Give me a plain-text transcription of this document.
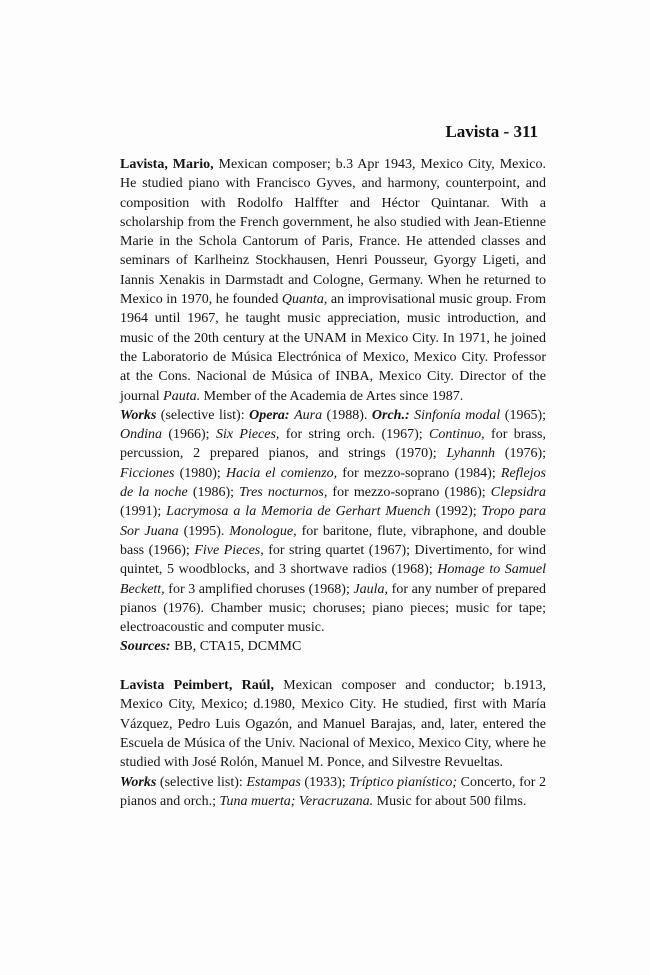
Lavista - 311
Lavista, Mario, Mexican composer; b.3 Apr 1943, Mexico City, Mexico. He studied piano with Francisco Gyves, and harmony, counterpoint, and composition with Rodolfo Halffter and Héctor Quintanar. With a scholarship from the French government, he also studied with Jean-Etienne Marie in the Schola Cantorum of Paris, France. He attended classes and seminars of Karlheinz Stockhausen, Henri Pousseur, Gyorgy Ligeti, and Iannis Xenakis in Darmstadt and Cologne, Germany. When he returned to Mexico in 1970, he founded Quanta, an improvisational music group. From 1964 until 1967, he taught music appreciation, music introduction, and music of the 20th century at the UNAM in Mexico City. In 1971, he joined the Laboratorio de Música Electrónica of Mexico, Mexico City. Professor at the Cons. Nacional de Música of INBA, Mexico City. Director of the journal Pauta. Member of the Academia de Artes since 1987.
Works (selective list): Opera: Aura (1988). Orch.: Sinfonía modal (1965); Ondina (1966); Six Pieces, for string orch. (1967); Continuo, for brass, percussion, 2 prepared pianos, and strings (1970); Lyhannh (1976); Ficciones (1980); Hacia el comienzo, for mezzo-soprano (1984); Reflejos de la noche (1986); Tres nocturnos, for mezzo-soprano (1986); Clepsidra (1991); Lacrymosa a la Memoria de Gerhart Muench (1992); Tropo para Sor Juana (1995). Monologue, for baritone, flute, vibraphone, and double bass (1966); Five Pieces, for string quartet (1967); Divertimento, for wind quintet, 5 woodblocks, and 3 shortwave radios (1968); Homage to Samuel Beckett, for 3 amplified choruses (1968); Jaula, for any number of prepared pianos (1976). Chamber music; choruses; piano pieces; music for tape; electroacoustic and computer music.
Sources: BB, CTA15, DCMMC
Lavista Peimbert, Raúl, Mexican composer and conductor; b.1913, Mexico City, Mexico; d.1980, Mexico City. He studied, first with María Vázquez, Pedro Luis Ogazón, and Manuel Barajas, and, later, entered the Escuela de Música of the Univ. Nacional of Mexico, Mexico City, where he studied with José Rolón, Manuel M. Ponce, and Silvestre Revueltas.
Works (selective list): Estampas (1933); Tríptico pianístico; Concerto, for 2 pianos and orch.; Tuna muerta; Veracruzana. Music for about 500 films.
